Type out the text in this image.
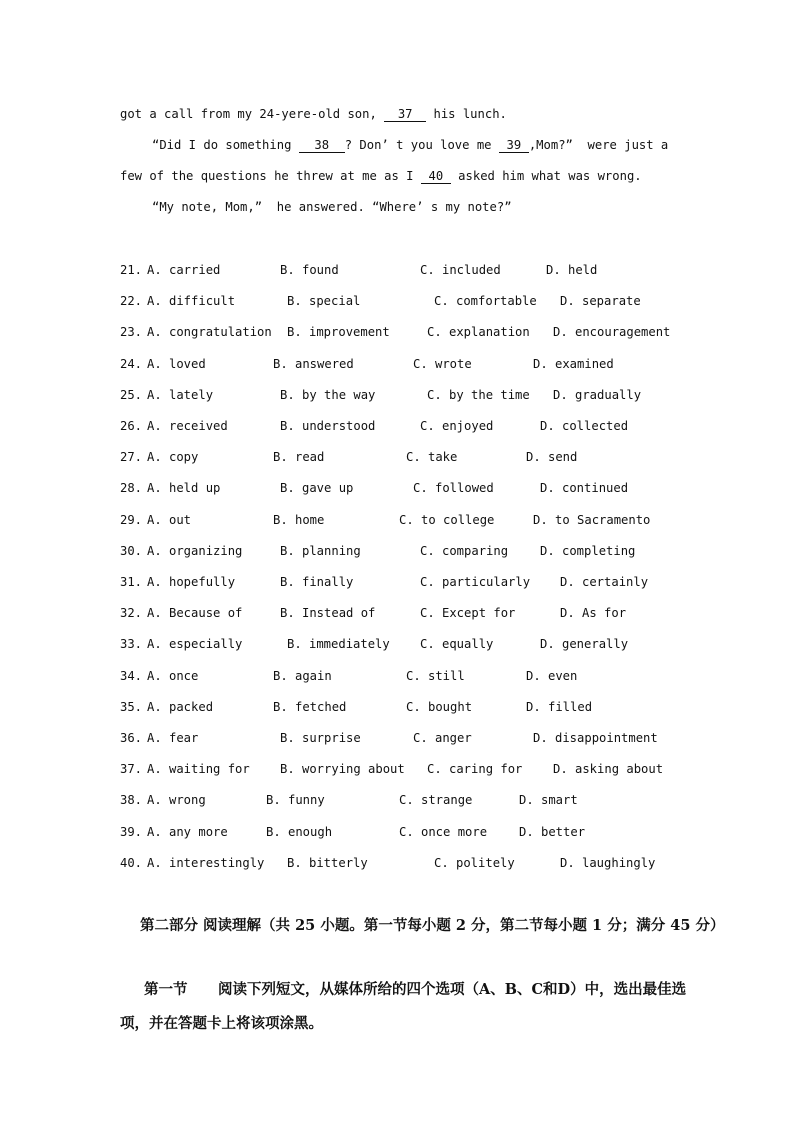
got a call from my 24-yere-old son, 37 his lunch.
“Did I do something 38 ? Don’ t you love me 39 ,Mom?”  were just a
few of the questions he threw at me as I 40 asked him what was wrong.
“My note, Mom,”  he answered. “Where’ s my note?”
21. A. carried	B. found	C. included	D. held
22. A. difficult	B. special	C. comfortable D. separate
23. A. congratulation B. improvement	C. explanation D. encouragement
24. A. loved	B. answered	C. wrote	D. examined
25. A. lately	B. by the way	C. by the time D. gradually
26. A. received	B. understood	C. enjoyed	D. collected
27. A. copy	B. read	C. take	D. send
28. A. held up	B. gave up	C. followed	D. continued
29. A. out	B. home	C. to college	D. to Sacramento
30. A. organizing	B. planning	C. comparing	D. completing
31. A. hopefully	B. finally	C. particularly D. certainly
32. A. Because of	B. Instead of	C. Except for	D. As for
33. A. especially	B. immediately C. equally	D. generally
34. A. once	B. again	C. still	D. even
35. A. packed	B. fetched	C. bought	D. filled
36. A. fear	B. surprise	C. anger	D. disappointment
37. A. waiting for B. worrying about C. caring for	D. asking about
38. A. wrong	B. funny	C. strange	D. smart
39. A. any more	B. enough	C. once more	D. better
40. A. interestingly B. bitterly	C. politely	D. laughingly
第二部分 阅读理解（共 25 小题。第一节每小题 2 分，第二节每小题 1 分；满分 45 分）
第一节 阅读下列短文，从媒体所给的四个选项（A、B、C和D）中，选出最佳选
项，并在答题卡上将该项涂黑。
